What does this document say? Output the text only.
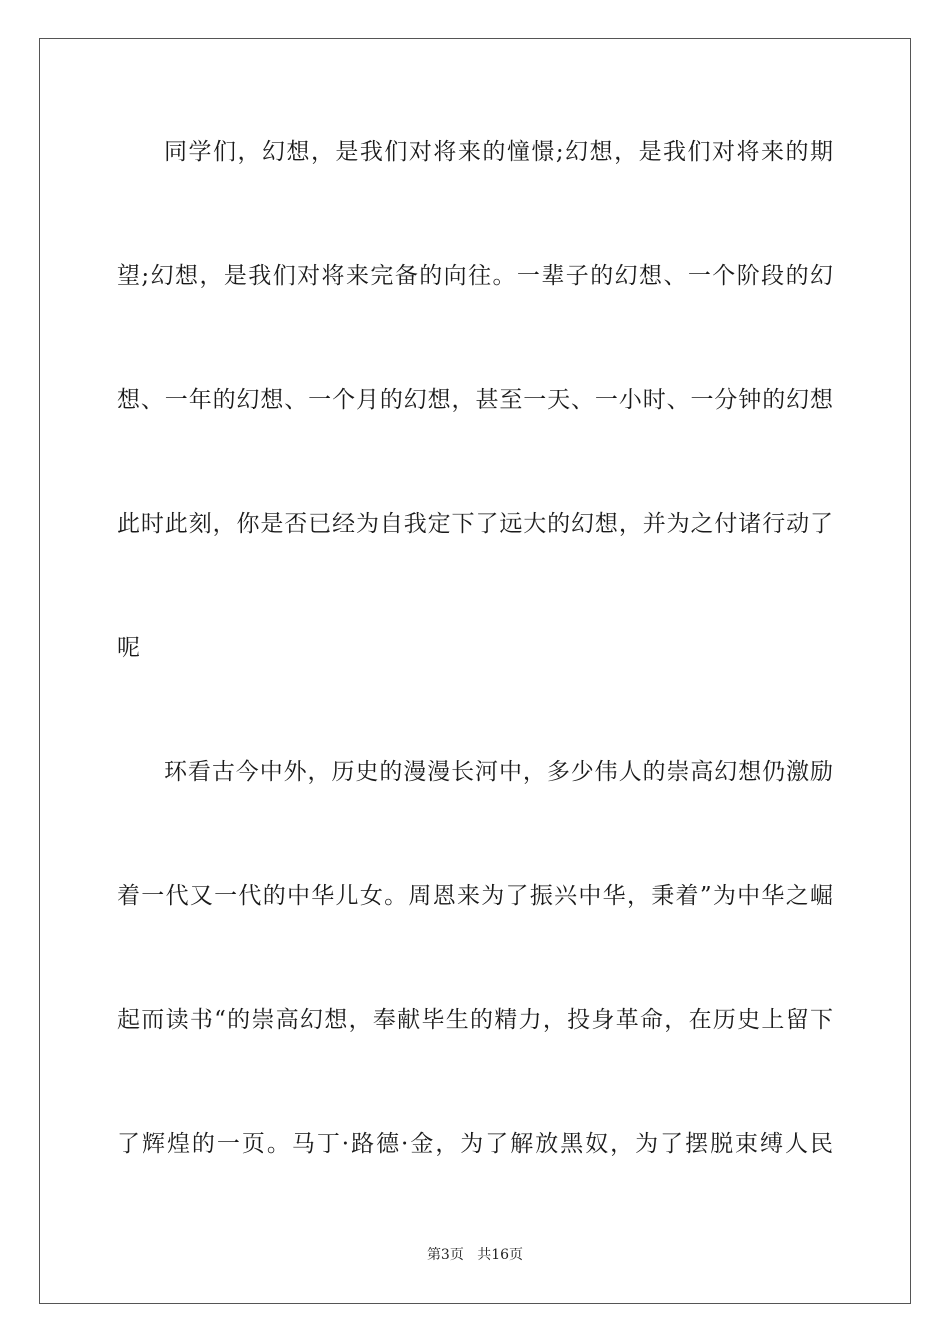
同学们，幻想，是我们对将来的憧憬;幻想，是我们对将来的期
望;幻想，是我们对将来完备的向往。一辈子的幻想、一个阶段的幻
想、一年的幻想、一个月的幻想，甚至一天、一小时、一分钟的幻想
此时此刻，你是否已经为自我定下了远大的幻想，并为之付诸行动了
呢
环看古今中外，历史的漫漫长河中，多少伟人的崇高幻想仍激励
着一代又一代的中华儿女。周恩来为了振兴中华，秉着”为中华之崛
起而读书“的崇高幻想，奉献毕生的精力，投身革命，在历史上留下
了辉煌的一页。马丁·路德·金，为了解放黑奴，为了摆脱束缚人民
第3页 共16页
